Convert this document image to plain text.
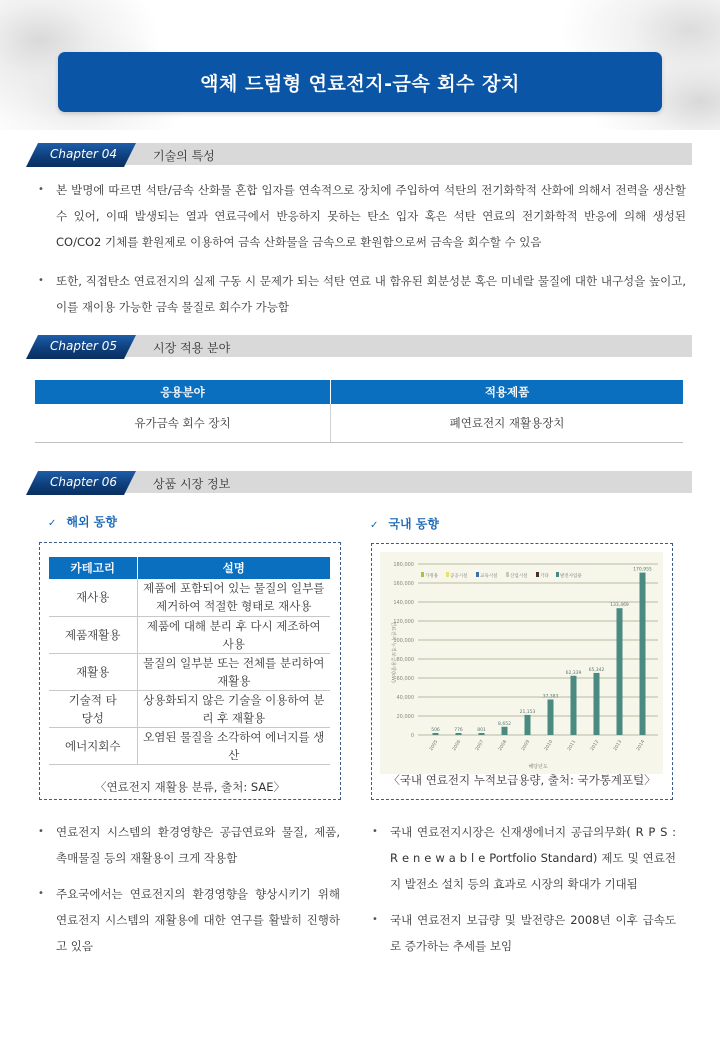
액체 드럼형 연료전지-금속 회수 장치
Chapter 04	기술의 특성
• 본 발명에 따르면 석탄/금속 산화물 혼합 입자를 연속적으로 장치에 주입하여 석탄의 전기화학적 산화에 의해서 전력을 생산할 수 있어, 이때 발생되는 열과 연료극에서 반응하지 못하는 탄소 입자 혹은 석탄 연료의 전기화학적 반응에 의해 생성된 CO/CO2 기체를 환원제로 이용하여 금속 산화물을 금속으로 환원함으로써 금속을 회수할 수 있음
• 또한, 직접탄소 연료전지의 실제 구동 시 문제가 되는 석탄 연료 내 함유된 회분성분 혹은 미네랄 물질에 대한 내구성을 높이고, 이를 재이용 가능한 금속 물질로 회수가 가능함
Chapter 05	시장 적용 분야
응용분야	적용제품
유가금속 회수 장치	폐연료전지 재활용장치
Chapter 06	상품 시장 정보
✓ 해외 동향
카테고리	설명
재사용	제품에 포함되어 있는 물질의 일부를 제거하여 적절한 형태로 재사용
제품재활용	제품에 대해 분리 후 다시 제조하여 사용
재활용	물질의 일부분 또는 전체를 분리하여 재활용
기술적 타당성	상용화되지 않은 기술을 이용하여 분리 후 재활용
에너지회수	오염된 물질을 소각하여 에너지를 생산
〈연료전지 재활용 분류, 출처: SAE〉
✓ 국내 동향
0
20,000
40,000
60,000
80,000
100,000
120,000
140,000
160,000
180,000
연료전지 누적보급용량(kW)
가정용	공공시설	교육시설	산업시설	기타	발전사업용
506
2005
776
2006
801
2007
8,652
2008
21,153
2009
37,383
2010
62,339
2011
65,342
2012
133,469
2013
170,955
2014
해당년도
〈국내 연료전지 누적보급용량, 출처: 국가통계포털〉
• 연료전지 시스템의 환경영향은 공급연료와 물질, 제품, 촉매물질 등의 재활용이 크게 작용함
• 주요국에서는 연료전지의 환경영향을 향상시키기 위해 연료전지 시스템의 재활용에 대한 연구를 활발히 진행하고 있음
• 국내 연료전지시장은 신재생에너지 공급의무화( R P S : R e n e w a b l e Portfolio Standard) 제도 및 연료전지 발전소 설치 등의 효과로 시장의 확대가 기대됨
• 국내 연료전지 보급량 및 발전량은 2008년 이후 급속도로 증가하는 추세를 보임
